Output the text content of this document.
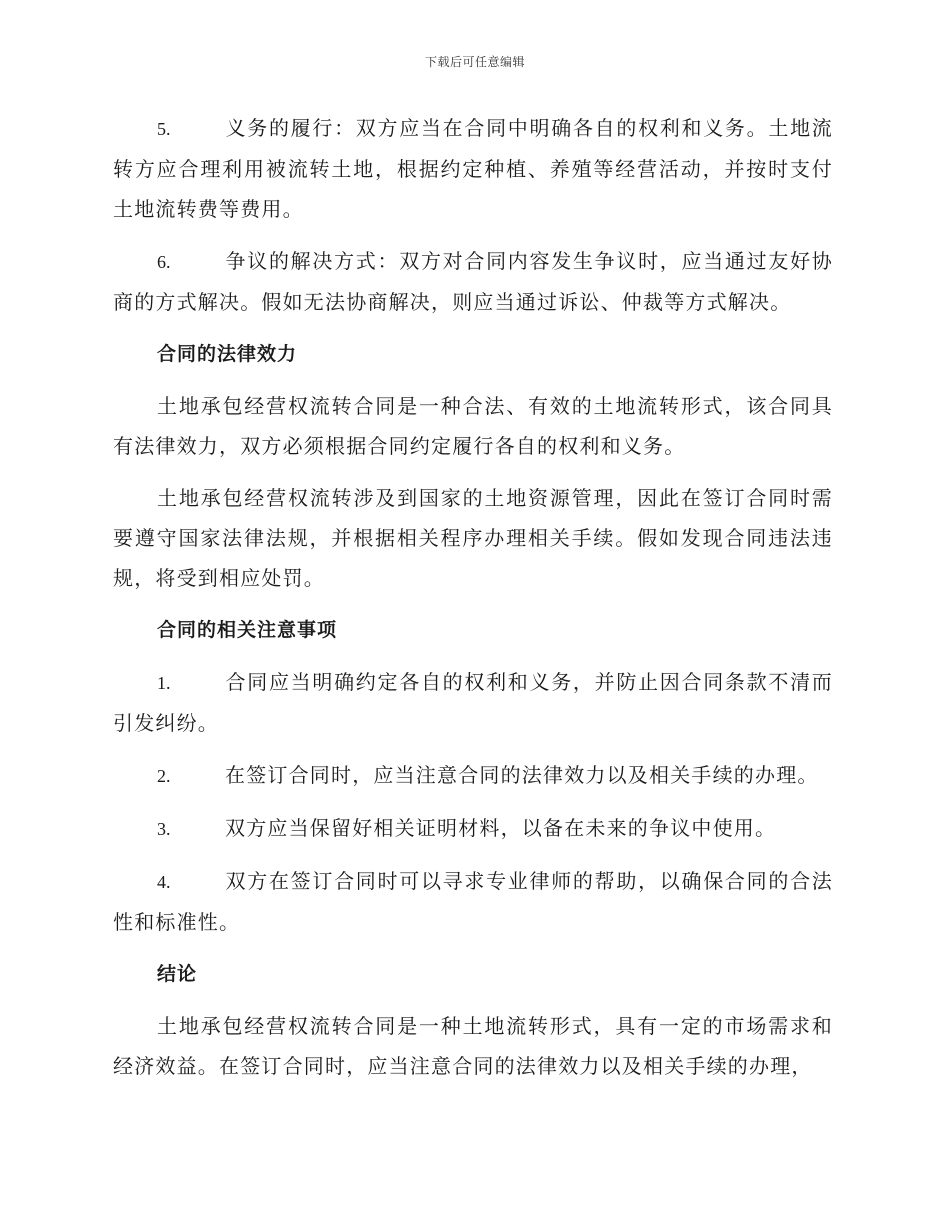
下载后可任意编辑

5.	义务的履行：双方应当在合同中明确各自的权利和义务。土地流转方应合理利用被流转土地，根据约定种植、养殖等经营活动，并按时支付土地流转费等费用。

6.	争议的解决方式：双方对合同内容发生争议时，应当通过友好协商的方式解决。假如无法协商解决，则应当通过诉讼、仲裁等方式解决。

合同的法律效力

土地承包经营权流转合同是一种合法、有效的土地流转形式，该合同具有法律效力，双方必须根据合同约定履行各自的权利和义务。

土地承包经营权流转涉及到国家的土地资源管理，因此在签订合同时需要遵守国家法律法规，并根据相关程序办理相关手续。假如发现合同违法违规，将受到相应处罚。

合同的相关注意事项

1.	合同应当明确约定各自的权利和义务，并防止因合同条款不清而引发纠纷。

2.	在签订合同时，应当注意合同的法律效力以及相关手续的办理。

3.	双方应当保留好相关证明材料，以备在未来的争议中使用。

4.	双方在签订合同时可以寻求专业律师的帮助，以确保合同的合法性和标准性。

结论

土地承包经营权流转合同是一种土地流转形式，具有一定的市场需求和经济效益。在签订合同时，应当注意合同的法律效力以及相关手续的办理，
